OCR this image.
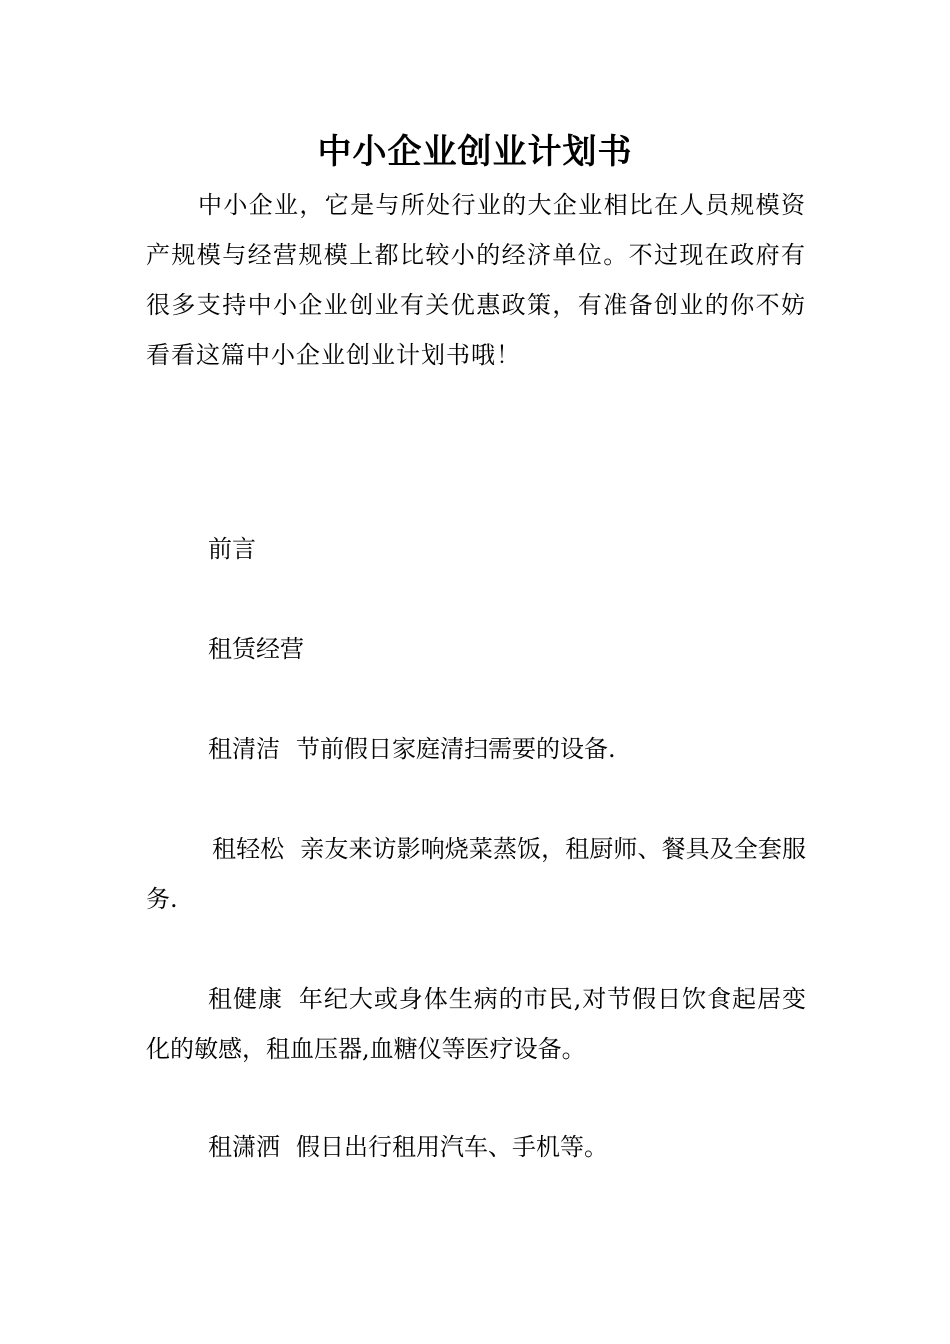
中小企业创业计划书
中小企业，它是与所处行业的大企业相比在人员规模资产规模与经营规模上都比较小的经济单位。不过现在政府有很多支持中小企业创业有关优惠政策，有准备创业的你不妨看看这篇中小企业创业计划书哦！
前言
租赁经营
租清洁 节前假日家庭清扫需要的设备.
租轻松 亲友来访影响烧菜蒸饭，租厨师、餐具及全套服务.
租健康 年纪大或身体生病的市民,对节假日饮食起居变化的敏感，租血压器,血糖仪等医疗设备。
租潇洒 假日出行租用汽车、手机等。
